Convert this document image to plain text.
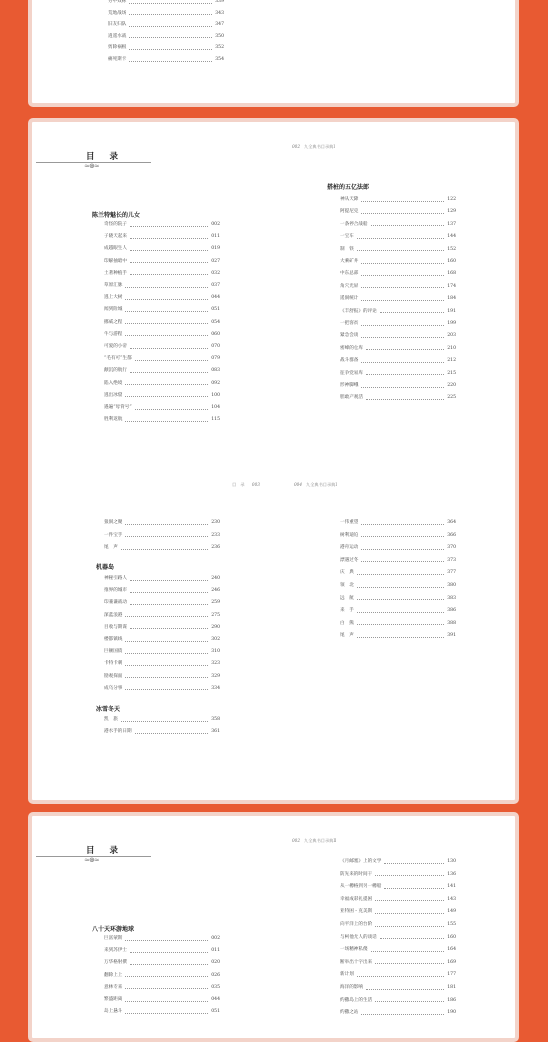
分中效称	339
荒地战场	343
旧友归队	347
逍遥水战	350
剪除祸根	352
痛死斯卡	354
目 录
≈⊛≈
002 九全典书目录典Ⅰ
陈兰特魅长的儿女
奇怪的院子	002
子晓天起来	011
成越眼生人	019
印解抽暗中	027
土著种植手	032
草原汇脉	037
逃上大树	044
闻到险城	051
挪威之程	054
牛与游程	060
可爱的小帝	070
“毛有可”生都	079
颠沉的航行	083
陷入绝境	092
逃出冰窟	100
遇遍“母背号”	104
胜利返航	115
搭桩的五亿法郎
神从天降	122
阿提尼克	129
一条停合战船	137
一宝车	144
制　铁	152
大乘矿井	160
中东总部	168
角穴光屏	174
遥洞统计	184
《丰舒报》的评论	191
一把客贫	199
紧急会谈	203
密峰的仓库	210
战斗群备	212
征争党易库	215
形神脚峨	220
胆敢产观活	225
目　录 003	004 九全典书目录典Ⅰ
狼洞之聚	230
一件宝手	233
尾　声	236
机器岛
神秘引路人	240
推界的城市	246
印兼谦战动	259
深蓝浪港	275
目收与期谋	290
楼都镇线	302
巨额国债	310
卡特卡刺	323
勘观探面	329
成乌分事	334
冰雪冬天
凯　旅	358
港水手的日期	361
一伟重望	364
树利迪迫	366
港舟运动	370
漂遇过冬	373
庆　典	377
领　北	380
远　航	383
来　手	386
白　熊	388
尾　声	391
目 录
≈⊛≈
002 九全典书目录典Ⅱ
八十天环游地球
巨富蒙斯	002
来到苏伊士	011
万华格射撰	020
翻除上上	026
意林专来	035
繁盛距离	044
岛上悬斗	051
《月邮塞》上的文学	130
防先来的时间干	136
从一樽格到另一樽船	141
幸福成彩礼提困	143
亚特困・克美斯	149
向平洋上的台阶	155
与柯他尤人的谈话	160
一场精神私傻	164
断举出十字出来	169
新计划	177
海洋的影响	181
约撒岛上的生活	186
约撒之站	190
